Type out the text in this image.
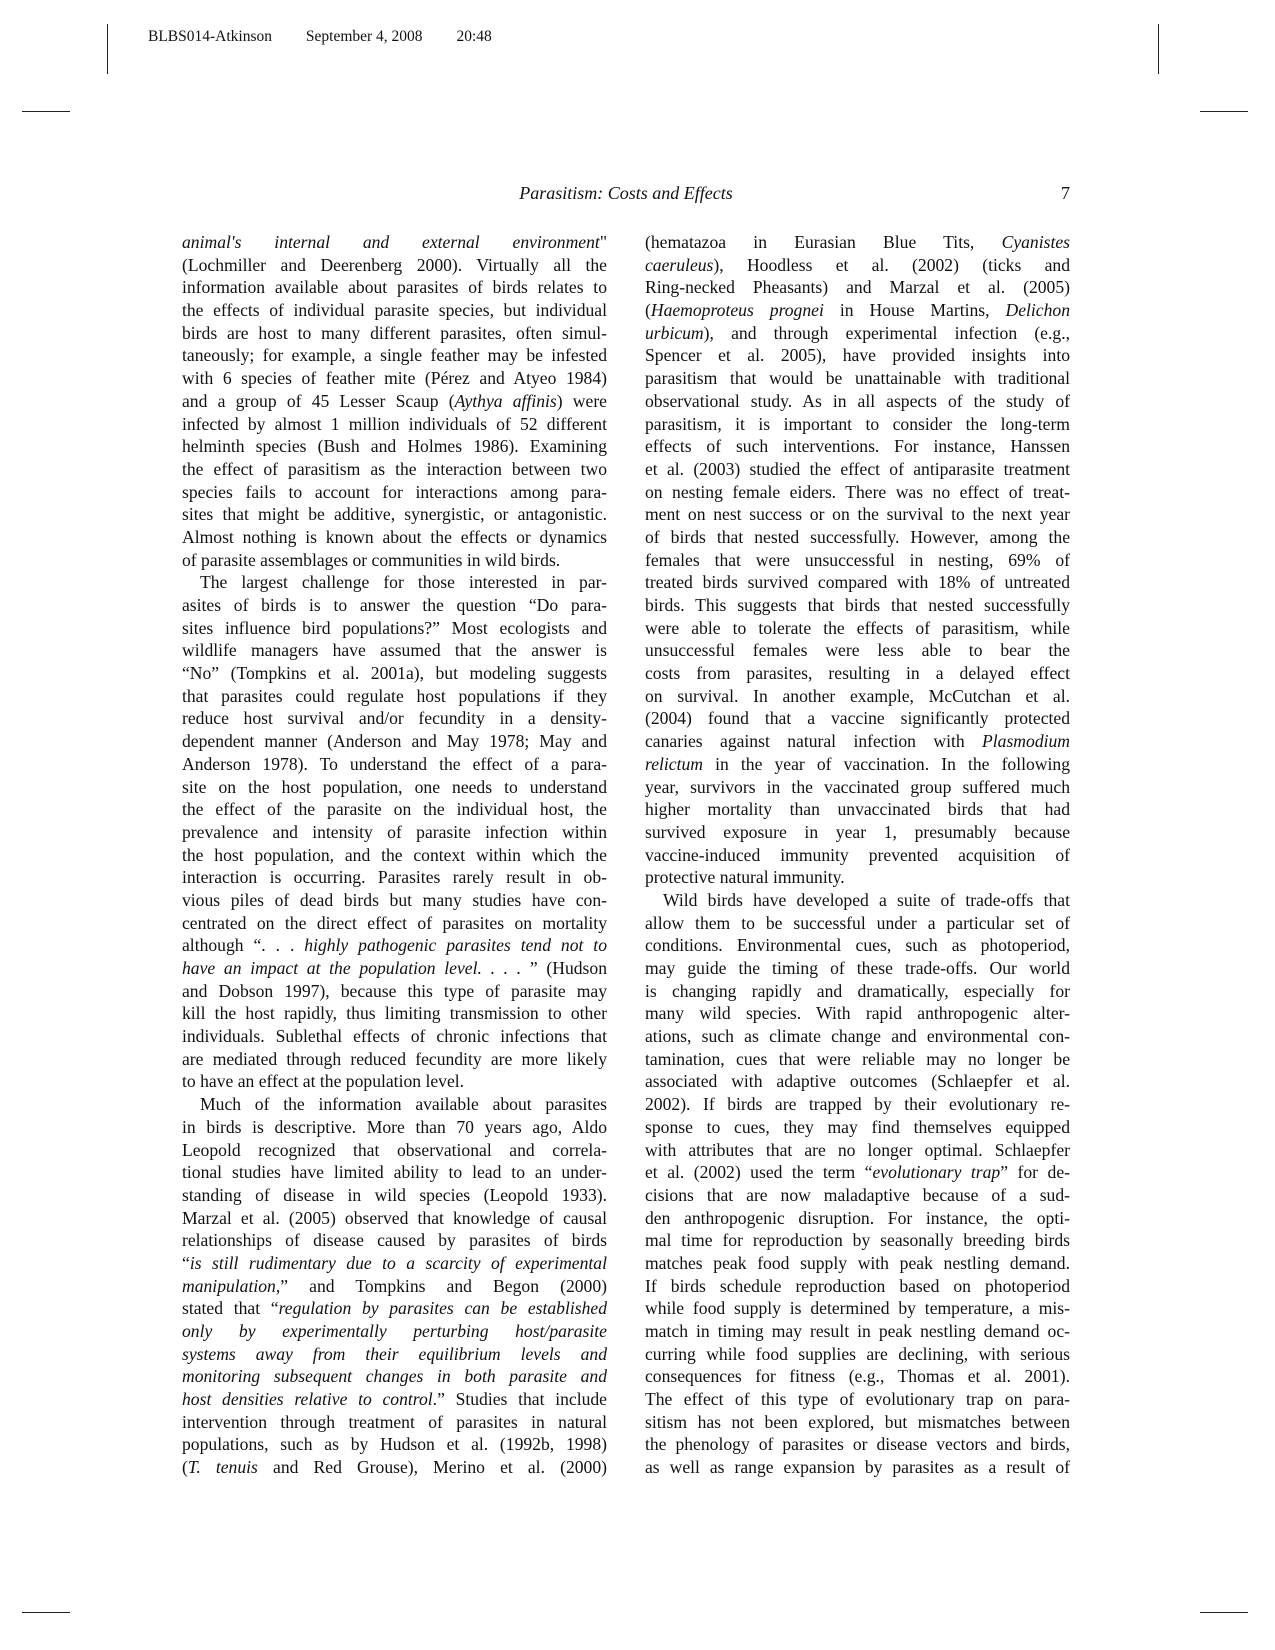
BLBS014-Atkinson September 4, 2008 20:48
Parasitism: Costs and Effects	7
animal's internal and external environment"
(Lochmiller and Deerenberg 2000). Virtually all the
information available about parasites of birds relates to
the effects of individual parasite species, but individual
birds are host to many different parasites, often simul-
taneously; for example, a single feather may be infested
with 6 species of feather mite (Pérez and Atyeo 1984)
and a group of 45 Lesser Scaup (Aythya affinis) were
infected by almost 1 million individuals of 52 different
helminth species (Bush and Holmes 1986). Examining
the effect of parasitism as the interaction between two
species fails to account for interactions among para-
sites that might be additive, synergistic, or antagonistic.
Almost nothing is known about the effects or dynamics
of parasite assemblages or communities in wild birds.
The largest challenge for those interested in par-
asites of birds is to answer the question “Do para-
sites influence bird populations?” Most ecologists and
wildlife managers have assumed that the answer is
“No” (Tompkins et al. 2001a), but modeling suggests
that parasites could regulate host populations if they
reduce host survival and/or fecundity in a density-
dependent manner (Anderson and May 1978; May and
Anderson 1978). To understand the effect of a para-
site on the host population, one needs to understand
the effect of the parasite on the individual host, the
prevalence and intensity of parasite infection within
the host population, and the context within which the
interaction is occurring. Parasites rarely result in ob-
vious piles of dead birds but many studies have con-
centrated on the direct effect of parasites on mortality
although “. . . highly pathogenic parasites tend not to
have an impact at the population level. . . . ” (Hudson
and Dobson 1997), because this type of parasite may
kill the host rapidly, thus limiting transmission to other
individuals. Sublethal effects of chronic infections that
are mediated through reduced fecundity are more likely
to have an effect at the population level.
Much of the information available about parasites
in birds is descriptive. More than 70 years ago, Aldo
Leopold recognized that observational and correla-
tional studies have limited ability to lead to an under-
standing of disease in wild species (Leopold 1933).
Marzal et al. (2005) observed that knowledge of causal
relationships of disease caused by parasites of birds
“is still rudimentary due to a scarcity of experimental
manipulation,” and Tompkins and Begon (2000)
stated that “regulation by parasites can be established
only by experimentally perturbing host/parasite
systems away from their equilibrium levels and
monitoring subsequent changes in both parasite and
host densities relative to control.” Studies that include
intervention through treatment of parasites in natural
populations, such as by Hudson et al. (1992b, 1998)
(T. tenuis and Red Grouse), Merino et al. (2000)
(hematazoa in Eurasian Blue Tits, Cyanistes
caeruleus), Hoodless et al. (2002) (ticks and
Ring-necked Pheasants) and Marzal et al. (2005)
(Haemoproteus prognei in House Martins, Delichon
urbicum), and through experimental infection (e.g.,
Spencer et al. 2005), have provided insights into
parasitism that would be unattainable with traditional
observational study. As in all aspects of the study of
parasitism, it is important to consider the long-term
effects of such interventions. For instance, Hanssen
et al. (2003) studied the effect of antiparasite treatment
on nesting female eiders. There was no effect of treat-
ment on nest success or on the survival to the next year
of birds that nested successfully. However, among the
females that were unsuccessful in nesting, 69% of
treated birds survived compared with 18% of untreated
birds. This suggests that birds that nested successfully
were able to tolerate the effects of parasitism, while
unsuccessful females were less able to bear the
costs from parasites, resulting in a delayed effect
on survival. In another example, McCutchan et al.
(2004) found that a vaccine significantly protected
canaries against natural infection with Plasmodium
relictum in the year of vaccination. In the following
year, survivors in the vaccinated group suffered much
higher mortality than unvaccinated birds that had
survived exposure in year 1, presumably because
vaccine-induced immunity prevented acquisition of
protective natural immunity.
Wild birds have developed a suite of trade-offs that
allow them to be successful under a particular set of
conditions. Environmental cues, such as photoperiod,
may guide the timing of these trade-offs. Our world
is changing rapidly and dramatically, especially for
many wild species. With rapid anthropogenic alter-
ations, such as climate change and environmental con-
tamination, cues that were reliable may no longer be
associated with adaptive outcomes (Schlaepfer et al.
2002). If birds are trapped by their evolutionary re-
sponse to cues, they may find themselves equipped
with attributes that are no longer optimal. Schlaepfer
et al. (2002) used the term “evolutionary trap” for de-
cisions that are now maladaptive because of a sud-
den anthropogenic disruption. For instance, the opti-
mal time for reproduction by seasonally breeding birds
matches peak food supply with peak nestling demand.
If birds schedule reproduction based on photoperiod
while food supply is determined by temperature, a mis-
match in timing may result in peak nestling demand oc-
curring while food supplies are declining, with serious
consequences for fitness (e.g., Thomas et al. 2001).
The effect of this type of evolutionary trap on para-
sitism has not been explored, but mismatches between
the phenology of parasites or disease vectors and birds,
as well as range expansion by parasites as a result of
